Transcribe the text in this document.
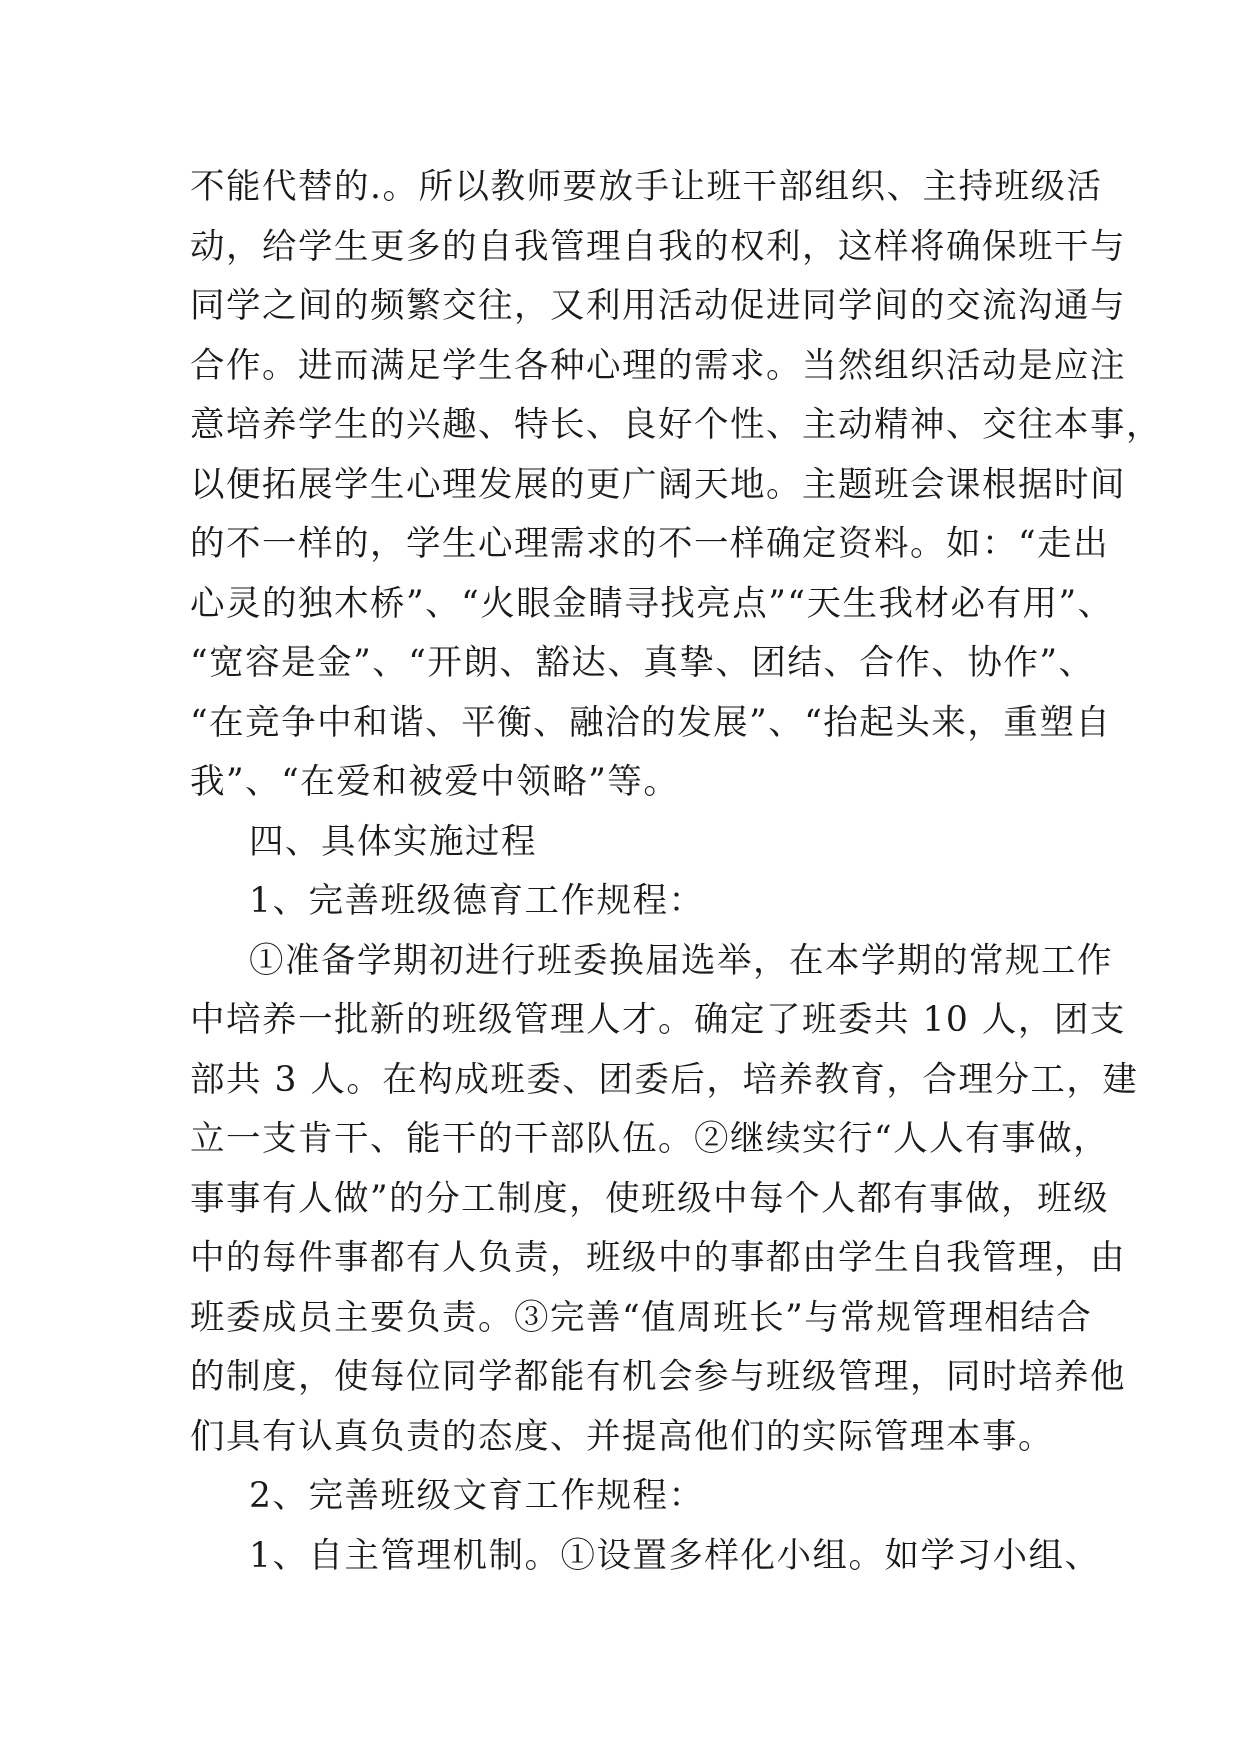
不能代替的.。所以教师要放手让班干部组织、主持班级活
动，给学生更多的自我管理自我的权利，这样将确保班干与
同学之间的频繁交往，又利用活动促进同学间的交流沟通与
合作。进而满足学生各种心理的需求。当然组织活动是应注
意培养学生的兴趣、特长、良好个性、主动精神、交往本事，
以便拓展学生心理发展的更广阔天地。主题班会课根据时间
的不一样的，学生心理需求的不一样确定资料。如：“走出
心灵的独木桥”、“火眼金睛寻找亮点”“天生我材必有用”、
“宽容是金”、“开朗、豁达、真挚、团结、合作、协作”、
“在竞争中和谐、平衡、融洽的发展”、“抬起头来，重塑自
我”、“在爱和被爱中领略”等。
四、具体实施过程
1、完善班级德育工作规程：
①准备学期初进行班委换届选举，在本学期的常规工作
中培养一批新的班级管理人才。确定了班委共 10 人，团支
部共 3 人。在构成班委、团委后，培养教育，合理分工，建
立一支肯干、能干的干部队伍。②继续实行“人人有事做，
事事有人做”的分工制度，使班级中每个人都有事做，班级
中的每件事都有人负责，班级中的事都由学生自我管理，由
班委成员主要负责。③完善“值周班长”与常规管理相结合
的制度，使每位同学都能有机会参与班级管理，同时培养他
们具有认真负责的态度、并提高他们的实际管理本事。
2、完善班级文育工作规程：
1、自主管理机制。①设置多样化小组。如学习小组、
